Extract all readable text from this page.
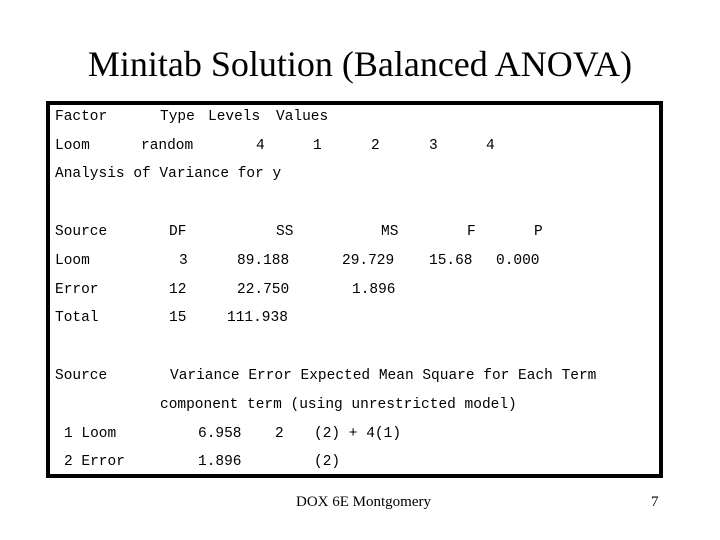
Minitab Solution (Balanced ANOVA)
Factor	Type Levels Values
Loom	random	4	1	2	3	4
Analysis of Variance for y
Source	DF	SS	MS	F	P
Loom	3	89.188	29.729 15.68 0.000
Error	12	22.750	1.896
Total	15	111.938
Source	Variance Error Expected Mean Square for Each Term
component term (using unrestricted model)
1 Loom	6.958 2 (2) + 4(1)
2 Error	1.896	(2)
DOX 6E Montgomery	7
